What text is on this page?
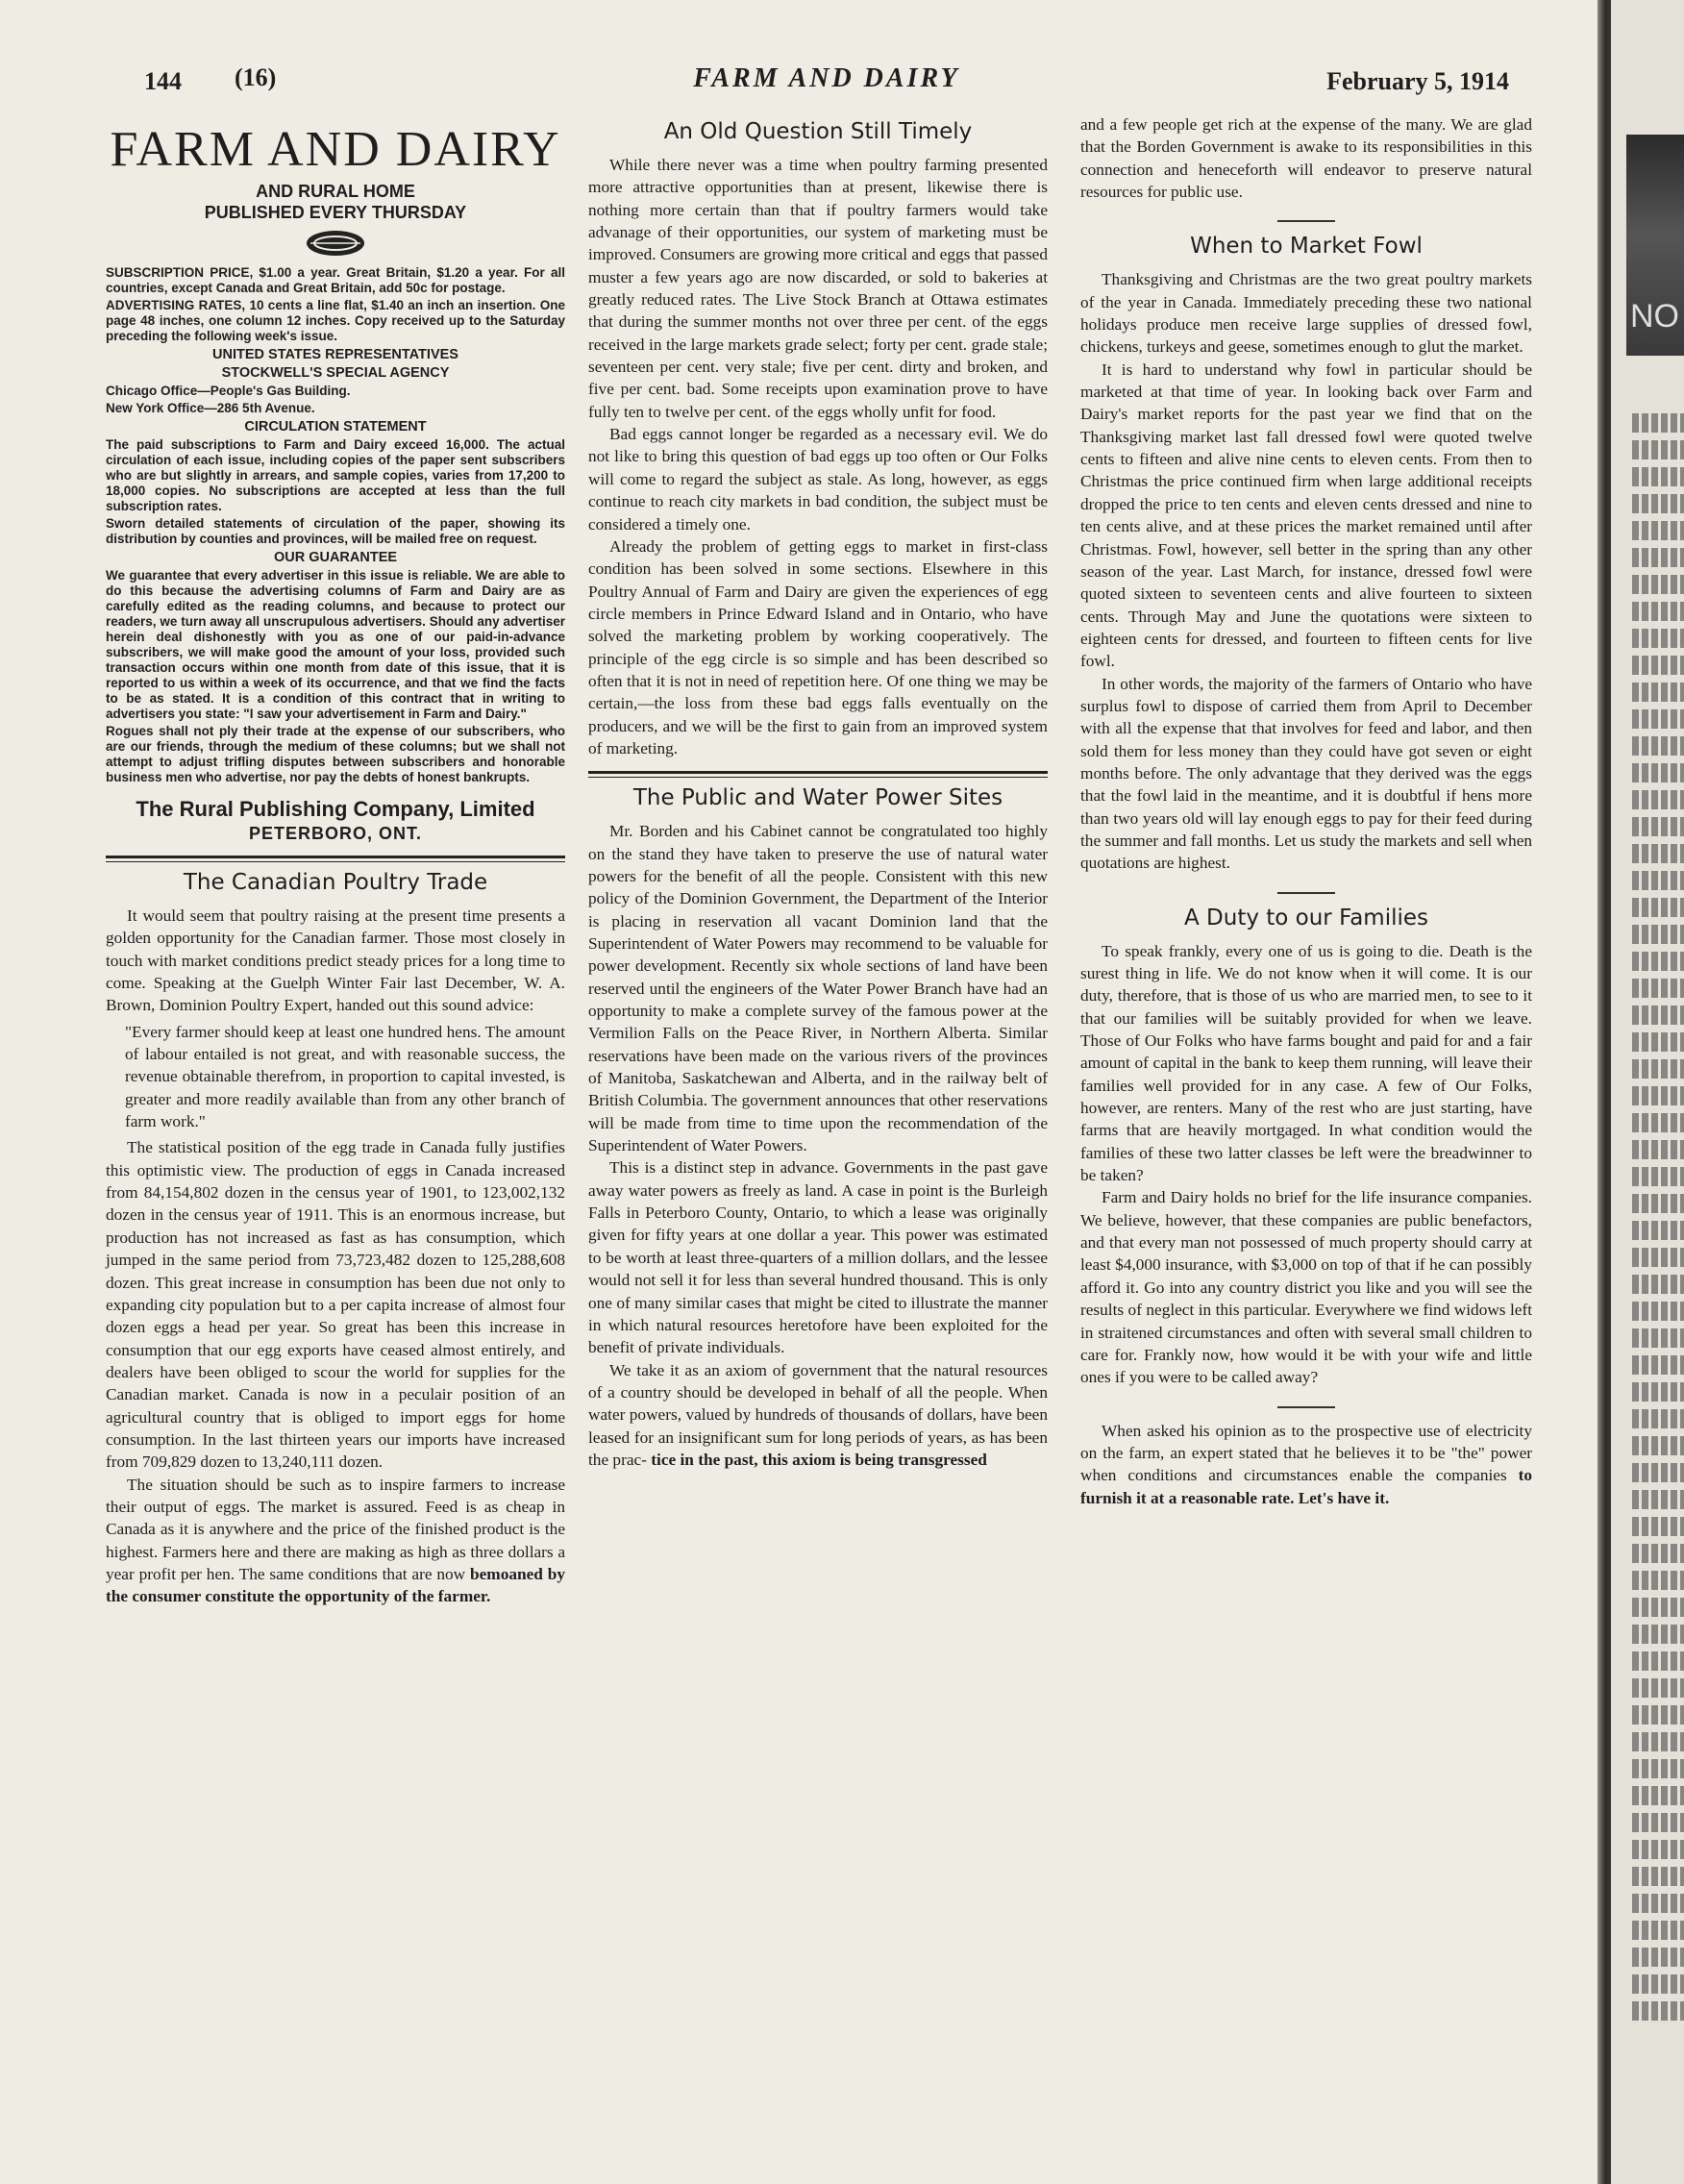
144 (16)	FARM AND DAIRY	February 5, 1914
FARM AND DAIRY
AND RURAL HOME
PUBLISHED EVERY THURSDAY

SUBSCRIPTION PRICE, $1.00 a year. Great Britain, $1.20 a year. For all countries, except Canada and Great Britain, add 50c for postage.

ADVERTISING RATES, 10 cents a line flat, $1.40 an inch an insertion. One page 48 inches, one column 12 inches. Copy received up to the Saturday preceding the following week's issue.

UNITED STATES REPRESENTATIVES
STOCKWELL'S SPECIAL AGENCY

Chicago Office—People's Gas Building.

New York Office—286 5th Avenue.

CIRCULATION STATEMENT

The paid subscriptions to Farm and Dairy exceed 16,000. The actual circulation of each issue, including copies of the paper sent subscribers who are but slightly in arrears, and sample copies, varies from 17,200 to 18,000 copies. No subscriptions are accepted at less than the full subscription rates.

Sworn detailed statements of circulation of the paper, showing its distribution by counties and provinces, will be mailed free on request.

OUR GUARANTEE

We guarantee that every advertiser in this issue is reliable. We are able to do this because the advertising columns of Farm and Dairy are as carefully edited as the reading columns, and because to protect our readers, we turn away all unscrupulous advertisers. Should any advertiser herein deal dishonestly with you as one of our paid-in-advance subscribers, we will make good the amount of your loss, provided such transaction occurs within one month from date of this issue, that it is reported to us within a week of its occurrence, and that we find the facts to be as stated. It is a condition of this contract that in writing to advertisers you state: "I saw your advertisement in Farm and Dairy."

Rogues shall not ply their trade at the expense of our subscribers, who are our friends, through the medium of these columns; but we shall not attempt to adjust trifling disputes between subscribers and honorable business men who advertise, nor pay the debts of honest bankrupts.

The Rural Publishing Company, Limited
PETERBORO, ONT.
The Canadian Poultry Trade

It would seem that poultry raising at the present time presents a golden opportunity for the Canadian farmer. Those most closely in touch with market conditions predict steady prices for a long time to come. Speaking at the Guelph Winter Fair last December, W. A. Brown, Dominion Poultry Expert, handed out this sound advice:

"Every farmer should keep at least one hundred hens. The amount of labour entailed is not great, and with reasonable success, the revenue obtainable therefrom, in proportion to capital invested, is greater and more readily available than from any other branch of farm work."

The statistical position of the egg trade in Canada fully justifies this optimistic view. The production of eggs in Canada increased from 84,154,802 dozen in the census year of 1901, to 123,002,132 dozen in the census year of 1911. This is an enormous increase, but production has not increased as fast as has consumption, which jumped in the same period from 73,723,482 dozen to 125,288,608 dozen. This great increase in consumption has been due not only to expanding city population but to a per capita increase of almost four dozen eggs a head per year. So great has been this increase in consumption that our egg exports have ceased almost entirely, and dealers have been obliged to scour the world for supplies for the Canadian market. Canada is now in a peculair position of an agricultural country that is obliged to import eggs for home consumption. In the last thirteen years our imports have increased from 709,829 dozen to 13,240,111 dozen.

The situation should be such as to inspire farmers to increase their output of eggs. The market is assured. Feed is as cheap in Canada as it is anywhere and the price of the finished product is the highest. Farmers here and there are making as high as three dollars a year profit per hen. The same conditions that are now bemoaned by the consumer constitute the opportunity of the farmer.

An Old Question Still Timely

While there never was a time when poultry farming presented more attractive opportunities than at present, likewise there is nothing more certain than that if poultry farmers would take advanage of their opportunities, our system of marketing must be improved. Consumers are growing more critical and eggs that passed muster a few years ago are now discarded, or sold to bakeries at greatly reduced rates. The Live Stock Branch at Ottawa estimates that during the summer months not over three per cent. of the eggs received in the large markets grade select; forty per cent. grade stale; seventeen per cent. very stale; five per cent. dirty and broken, and five per cent. bad. Some receipts upon examination prove to have fully ten to twelve per cent. of the eggs wholly unfit for food.

Bad eggs cannot longer be regarded as a necessary evil. We do not like to bring this question of bad eggs up too often or Our Folks will come to regard the subject as stale. As long, however, as eggs continue to reach city markets in bad condition, the subject must be considered a timely one.

Already the problem of getting eggs to market in first-class condition has been solved in some sections. Elsewhere in this Poultry Annual of Farm and Dairy are given the experiences of egg circle members in Prince Edward Island and in Ontario, who have solved the marketing problem by working cooperatively. The principle of the egg circle is so simple and has been described so often that it is not in need of repetition here. Of one thing we may be certain,—the loss from these bad eggs falls eventually on the producers, and we will be the first to gain from an improved system of marketing.

The Public and Water Power Sites

Mr. Borden and his Cabinet cannot be congratulated too highly on the stand they have taken to preserve the use of natural water powers for the benefit of all the people. Consistent with this new policy of the Dominion Government, the Department of the Interior is placing in reservation all vacant Dominion land that the Superintendent of Water Powers may recommend to be valuable for power development. Recently six whole sections of land have been reserved until the engineers of the Water Power Branch have had an opportunity to make a complete survey of the famous power at the Vermilion Falls on the Peace River, in Northern Alberta. Similar reservations have been made on the various rivers of the provinces of Manitoba, Saskatchewan and Alberta, and in the railway belt of British Columbia. The government announces that other reservations will be made from time to time upon the recommendation of the Superintendent of Water Powers.

This is a distinct step in advance. Governments in the past gave away water powers as freely as land. A case in point is the Burleigh Falls in Peterboro County, Ontario, to which a lease was originally given for fifty years at one dollar a year. This power was estimated to be worth at least three-quarters of a million dollars, and the lessee would not sell it for less than several hundred thousand. This is only one of many similar cases that might be cited to illustrate the manner in which natural resources heretofore have been exploited for the benefit of private individuals.

We take it as an axiom of government that the natural resources of a country should be developed in behalf of all the people. When water powers, valued by hundreds of thousands of dollars, have been leased for an insignificant sum for long periods of years, as has been the prac- tice in the past, this axiom is being transgressed

and a few people get rich at the expense of the many. We are glad that the Borden Government is awake to its responsibilities in this connection and heneceforth will endeavor to preserve natural resources for public use.

When to Market Fowl

Thanksgiving and Christmas are the two great poultry markets of the year in Canada. Immediately preceding these two national holidays produce men receive large supplies of dressed fowl, chickens, turkeys and geese, sometimes enough to glut the market.

It is hard to understand why fowl in particular should be marketed at that time of year. In looking back over Farm and Dairy's market reports for the past year we find that on the Thanksgiving market last fall dressed fowl were quoted twelve cents to fifteen and alive nine cents to eleven cents. From then to Christmas the price continued firm when large additional receipts dropped the price to ten cents and eleven cents dressed and nine to ten cents alive, and at these prices the market remained until after Christmas. Fowl, however, sell better in the spring than any other season of the year. Last March, for instance, dressed fowl were quoted sixteen to seventeen cents and alive fourteen to sixteen cents. Through May and June the quotations were sixteen to eighteen cents for dressed, and fourteen to fifteen cents for live fowl.

In other words, the majority of the farmers of Ontario who have surplus fowl to dispose of carried them from April to December with all the expense that that involves for feed and labor, and then sold them for less money than they could have got seven or eight months before. The only advantage that they derived was the eggs that the fowl laid in the meantime, and it is doubtful if hens more than two years old will lay enough eggs to pay for their feed during the summer and fall months. Let us study the markets and sell when quotations are highest.

A Duty to our Families

To speak frankly, every one of us is going to die. Death is the surest thing in life. We do not know when it will come. It is our duty, therefore, that is those of us who are married men, to see to it that our families will be suitably provided for when we leave. Those of Our Folks who have farms bought and paid for and a fair amount of capital in the bank to keep them running, will leave their families well provided for in any case. A few of Our Folks, however, are renters. Many of the rest who are just starting, have farms that are heavily mortgaged. In what condition would the families of these two latter classes be left were the breadwinner to be taken?

Farm and Dairy holds no brief for the life insurance companies. We believe, however, that these companies are public benefactors, and that every man not possessed of much property should carry at least $4,000 insurance, with $3,000 on top of that if he can possibly afford it. Go into any country district you like and you will see the results of neglect in this particular. Everywhere we find widows left in straitened circumstances and often with several small children to care for. Frankly now, how would it be with your wife and little ones if you were to be called away?

When asked his opinion as to the prospective use of electricity on the farm, an expert stated that he believes it to be "the" power when conditions and circumstances enable the companies to furnish it at a reasonable rate. Let's have it.

NO
